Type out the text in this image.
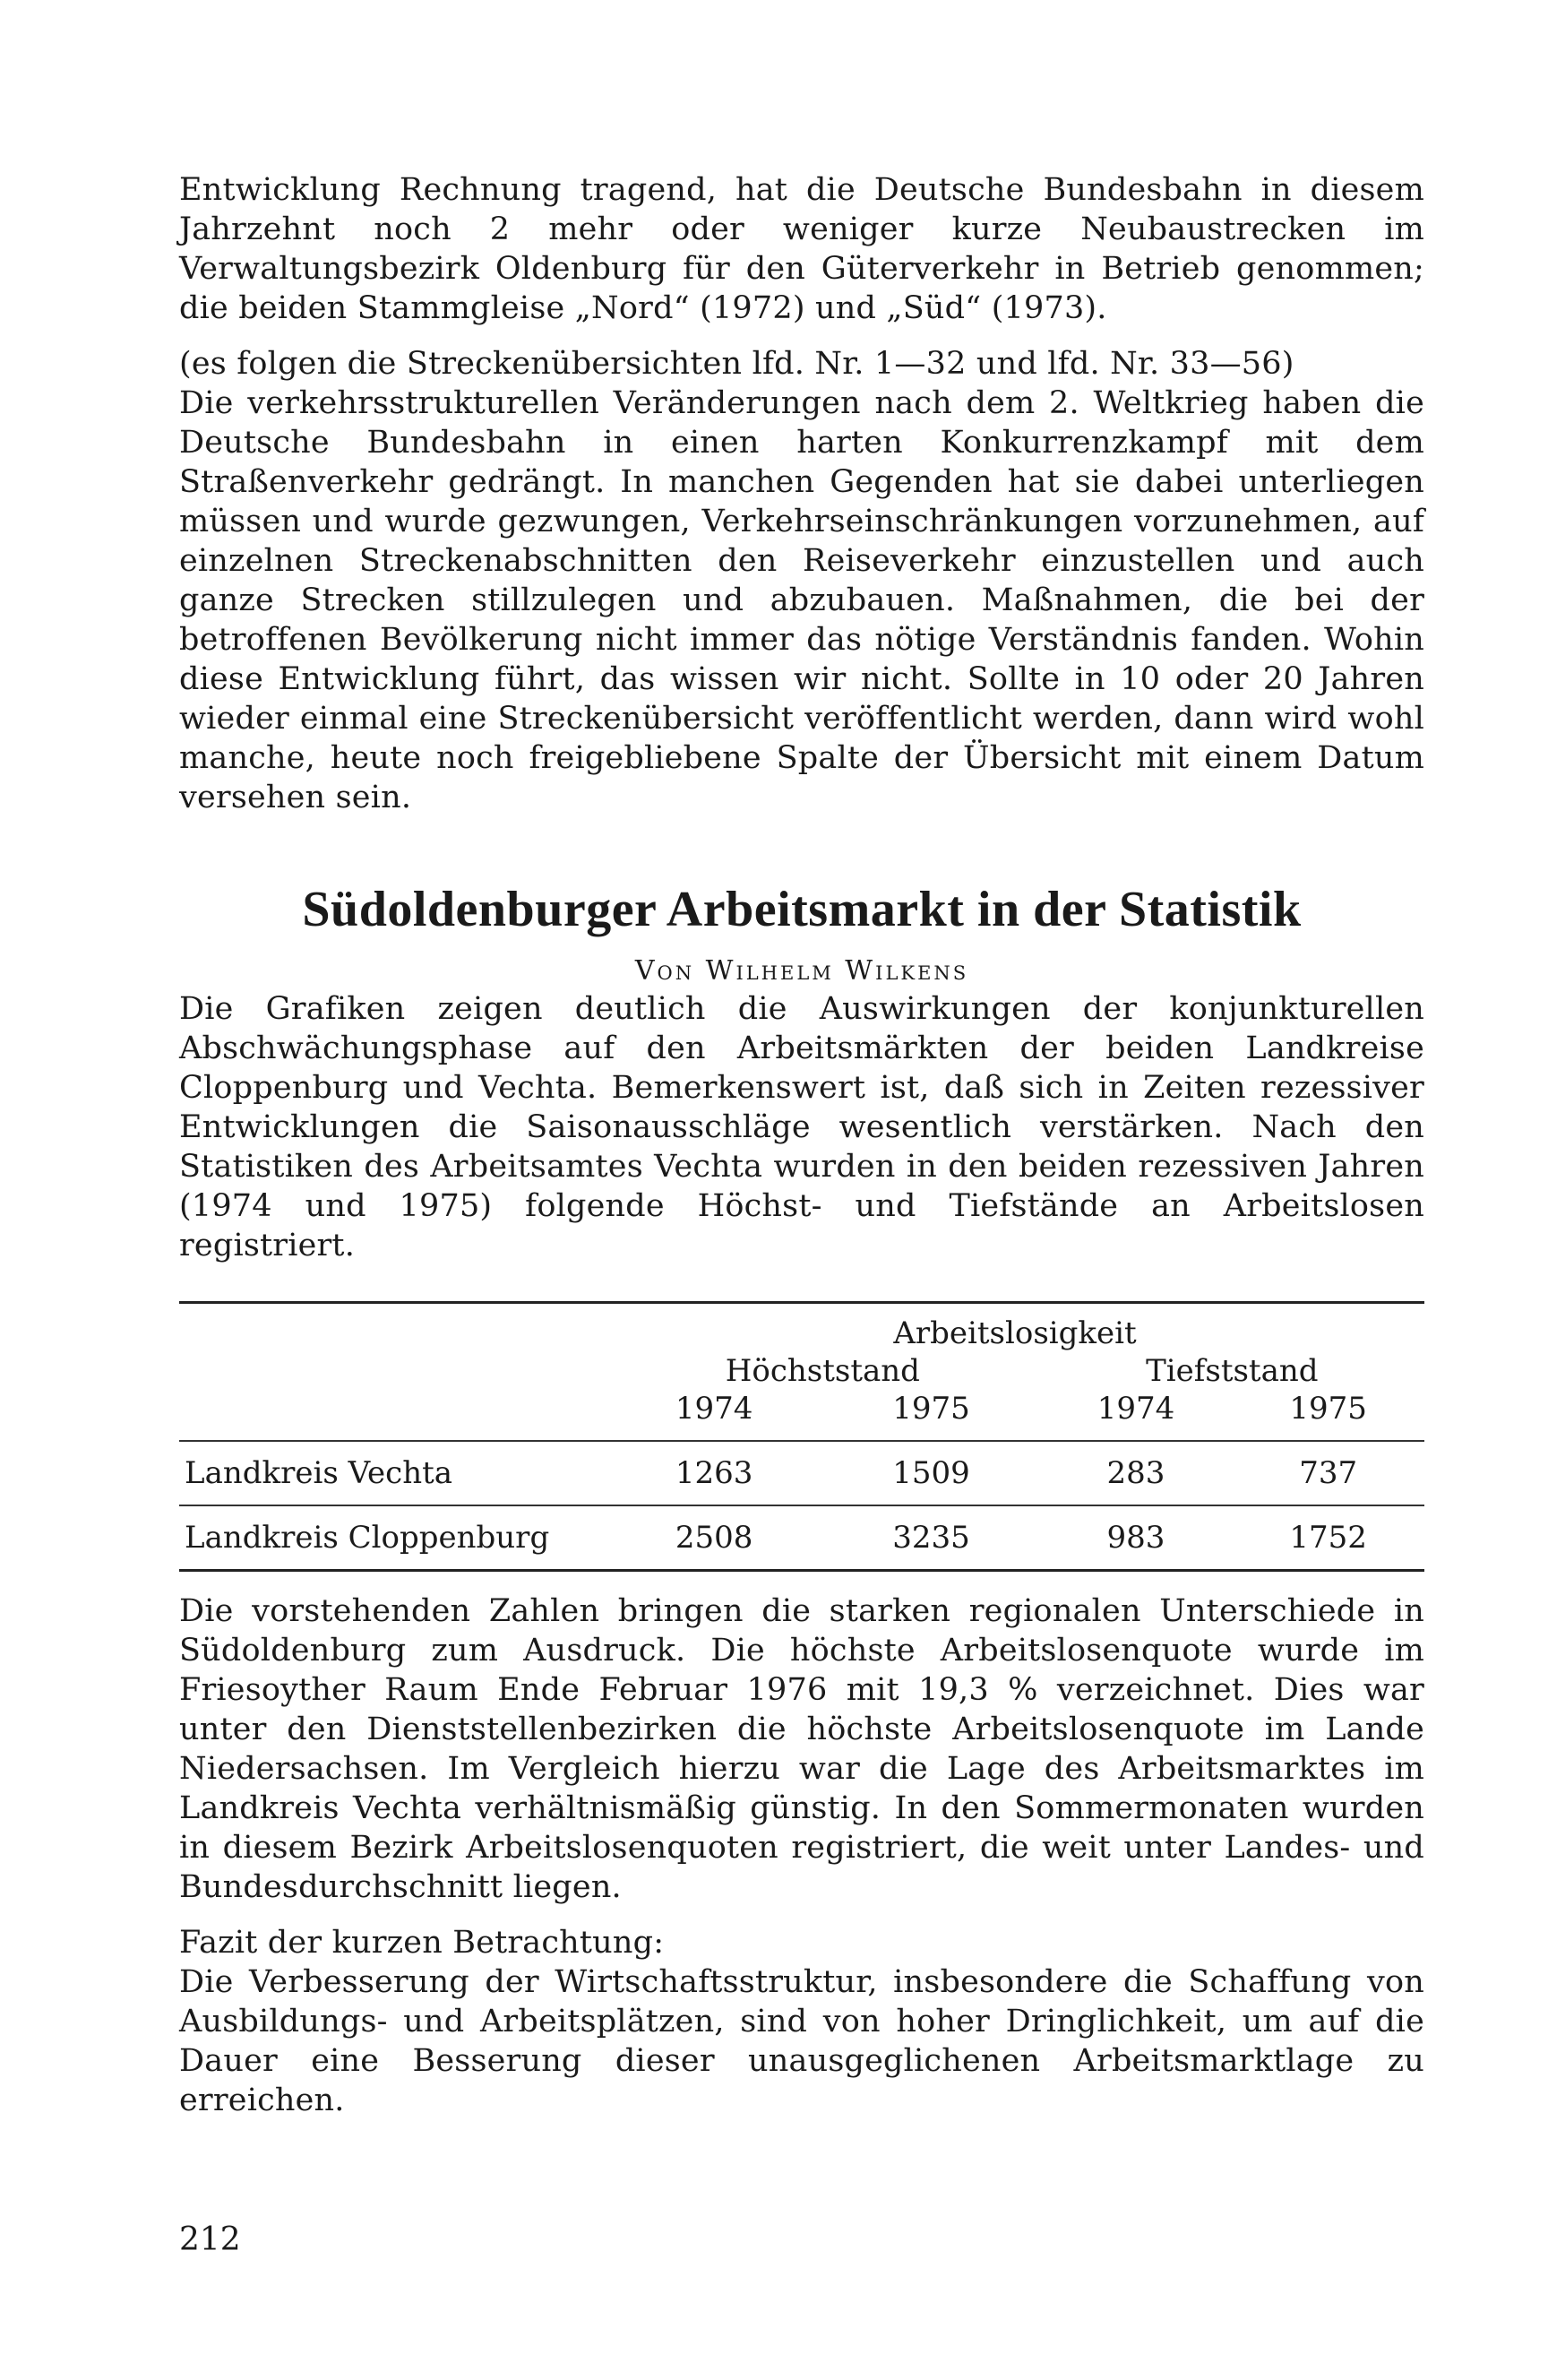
Entwicklung Rechnung tragend, hat die Deutsche Bundesbahn in diesem Jahrzehnt noch 2 mehr oder weniger kurze Neubaustrecken im Verwaltungsbezirk Oldenburg für den Güterverkehr in Betrieb genommen; die beiden Stammgleise „Nord“ (1972) und „Süd“ (1973).

(es folgen die Streckenübersichten lfd. Nr. 1—32 und lfd. Nr. 33—56)

Die verkehrsstrukturellen Veränderungen nach dem 2. Weltkrieg haben die Deutsche Bundesbahn in einen harten Konkurrenzkampf mit dem Straßenverkehr gedrängt. In manchen Gegenden hat sie dabei unterliegen müssen und wurde gezwungen, Verkehrseinschränkungen vorzunehmen, auf einzelnen Streckenabschnitten den Reiseverkehr einzustellen und auch ganze Strecken stillzulegen und abzubauen. Maßnahmen, die bei der betroffenen Bevölkerung nicht immer das nötige Verständnis fanden. Wohin diese Entwicklung führt, das wissen wir nicht. Sollte in 10 oder 20 Jahren wieder einmal eine Streckenübersicht veröffentlicht werden, dann wird wohl manche, heute noch freigebliebene Spalte der Übersicht mit einem Datum versehen sein.

Südoldenburger Arbeitsmarkt in der Statistik
Von Wilhelm Wilkens

Die Grafiken zeigen deutlich die Auswirkungen der konjunkturellen Abschwächungsphase auf den Arbeitsmärkten der beiden Landkreise Cloppenburg und Vechta. Bemerkenswert ist, daß sich in Zeiten rezessiver Entwicklungen die Saisonausschläge wesentlich verstärken. Nach den Statistiken des Arbeitsamtes Vechta wurden in den beiden rezessiven Jahren (1974 und 1975) folgende Höchst- und Tiefstände an Arbeitslosen registriert.

	Arbeitslosigkeit			
	Höchststand		Tiefststand	
	1974	1975	1974	1975
Landkreis Vechta	1263	1509	283	737
Landkreis Cloppenburg	2508	3235	983	1752

Die vorstehenden Zahlen bringen die starken regionalen Unterschiede in Südoldenburg zum Ausdruck. Die höchste Arbeitslosenquote wurde im Friesoyther Raum Ende Februar 1976 mit 19,3 % verzeichnet. Dies war unter den Dienststellenbezirken die höchste Arbeitslosenquote im Lande Niedersachsen. Im Vergleich hierzu war die Lage des Arbeitsmarktes im Landkreis Vechta verhältnismäßig günstig. In den Sommermonaten wurden in diesem Bezirk Arbeitslosenquoten registriert, die weit unter Landes- und Bundesdurchschnitt liegen.

Fazit der kurzen Betrachtung:

Die Verbesserung der Wirtschaftsstruktur, insbesondere die Schaffung von Ausbildungs- und Arbeitsplätzen, sind von hoher Dringlichkeit, um auf die Dauer eine Besserung dieser unausgeglichenen Arbeitsmarktlage zu erreichen.

212
